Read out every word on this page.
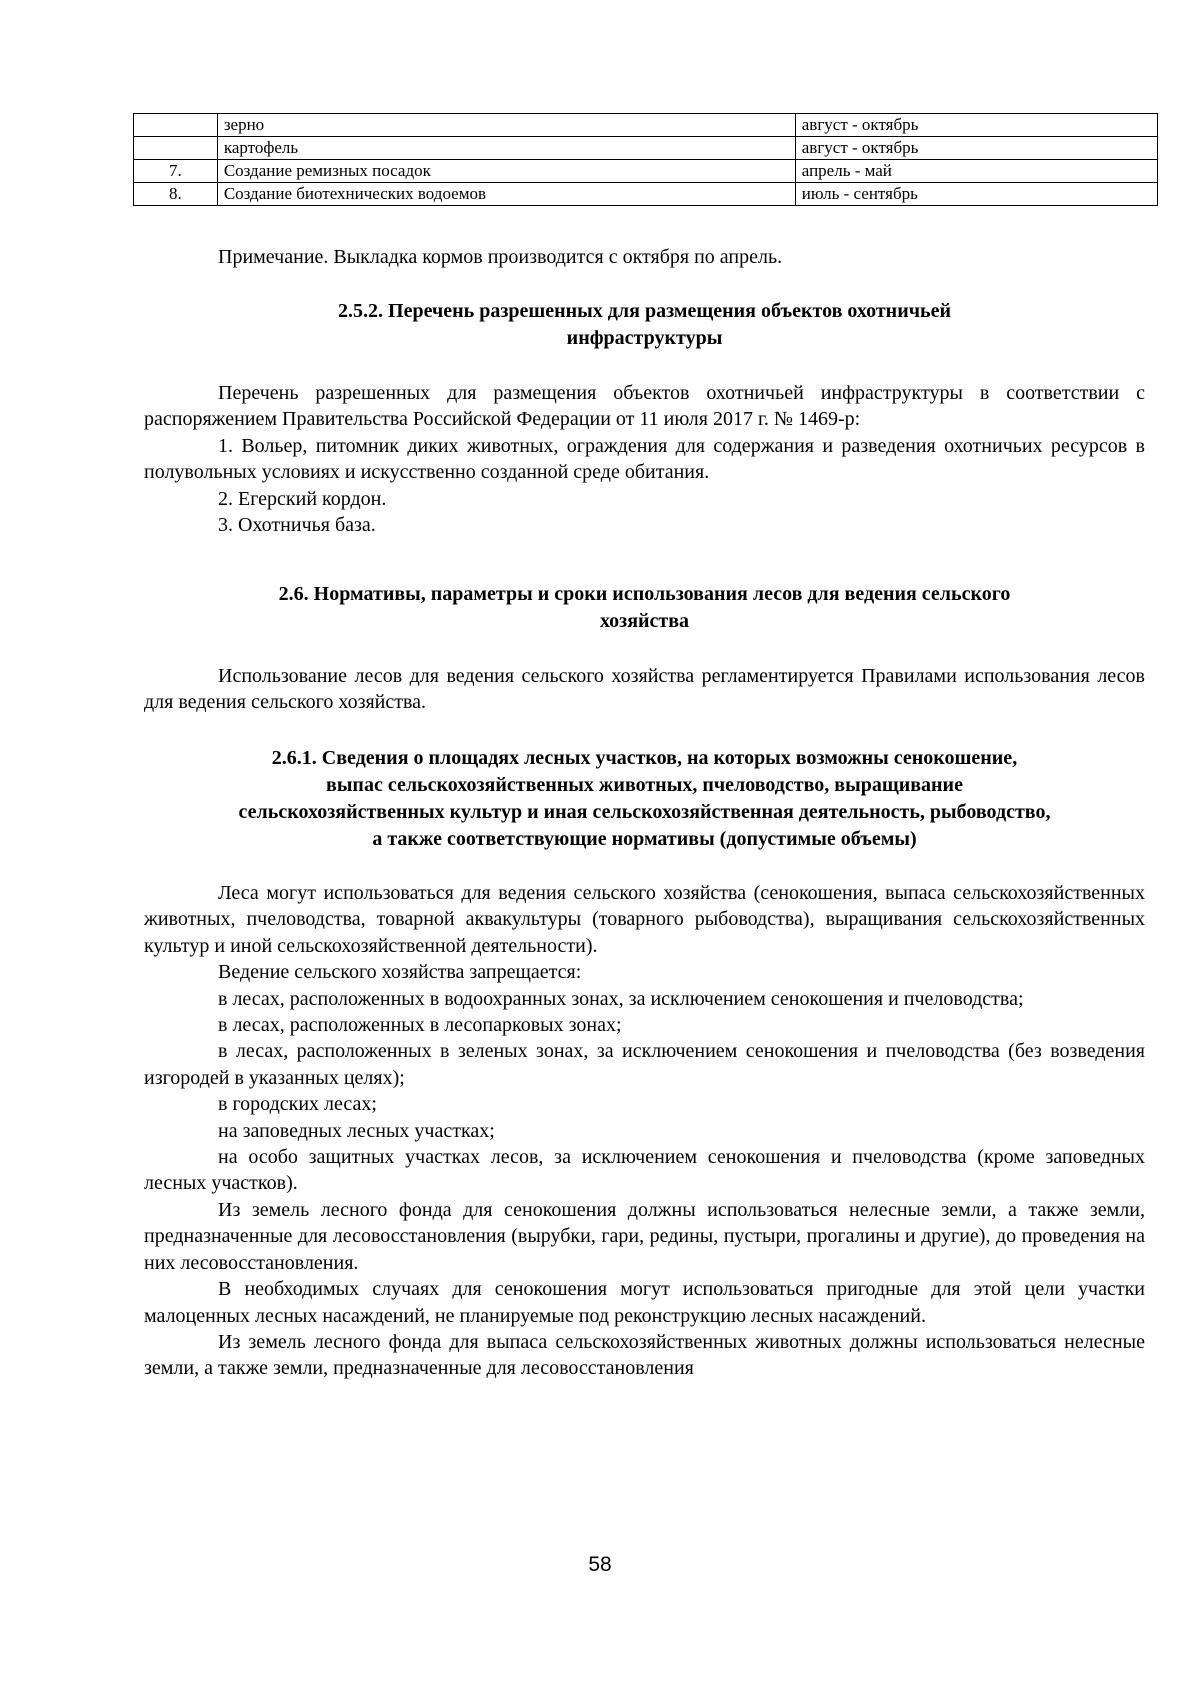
	зерно	август - октябрь
	картофель	август - октябрь
7.	Создание ремизных посадок	апрель - май
8.	Создание биотехнических водоемов	июль - сентябрь
Примечание. Выкладка кормов производится с октября по апрель.
2.5.2. Перечень разрешенных для размещения объектов охотничьей
инфраструктуры

Перечень разрешенных для размещения объектов охотничьей инфраструктуры в соответствии с распоряжением Правительства Российской Федерации от 11 июля 2017 г. № 1469-р:

1. Вольер, питомник диких животных, ограждения для содержания и разведения охотничьих ресурсов в полувольных условиях и искусственно созданной среде обитания.

2. Егерский кордон.

3. Охотничья база.

2.6. Нормативы, параметры и сроки использования лесов для ведения сельского
хозяйства
Использование лесов для ведения сельского хозяйства регламентируется Правилами использования лесов для ведения сельского хозяйства.
2.6.1. Сведения о площадях лесных участков, на которых возможны сенокошение,
выпас сельскохозяйственных животных, пчеловодство, выращивание
сельскохозяйственных культур и иная сельскохозяйственная деятельность, рыбоводство,
а также соответствующие нормативы (допустимые объемы)

Леса могут использоваться для ведения сельского хозяйства (сенокошения, выпаса сельскохозяйственных животных, пчеловодства, товарной аквакультуры (товарного рыбоводства), выращивания сельскохозяйственных культур и иной сельскохозяйственной деятельности).

Ведение сельского хозяйства запрещается:

в лесах, расположенных в водоохранных зонах, за исключением сенокошения и пчеловодства;

в лесах, расположенных в лесопарковых зонах;

в лесах, расположенных в зеленых зонах, за исключением сенокошения и пчеловодства (без возведения изгородей в указанных целях);

в городских лесах;

на заповедных лесных участках;

на особо защитных участках лесов, за исключением сенокошения и пчеловодства (кроме заповедных лесных участков).

Из земель лесного фонда для сенокошения должны использоваться нелесные земли, а также земли, предназначенные для лесовосстановления (вырубки, гари, редины, пустыри, прогалины и другие), до проведения на них лесовосстановления.

В необходимых случаях для сенокошения могут использоваться пригодные для этой цели участки малоценных лесных насаждений, не планируемые под реконструкцию лесных насаждений.

Из земель лесного фонда для выпаса сельскохозяйственных животных должны использоваться нелесные земли, а также земли, предназначенные для лесовосстановления

58
